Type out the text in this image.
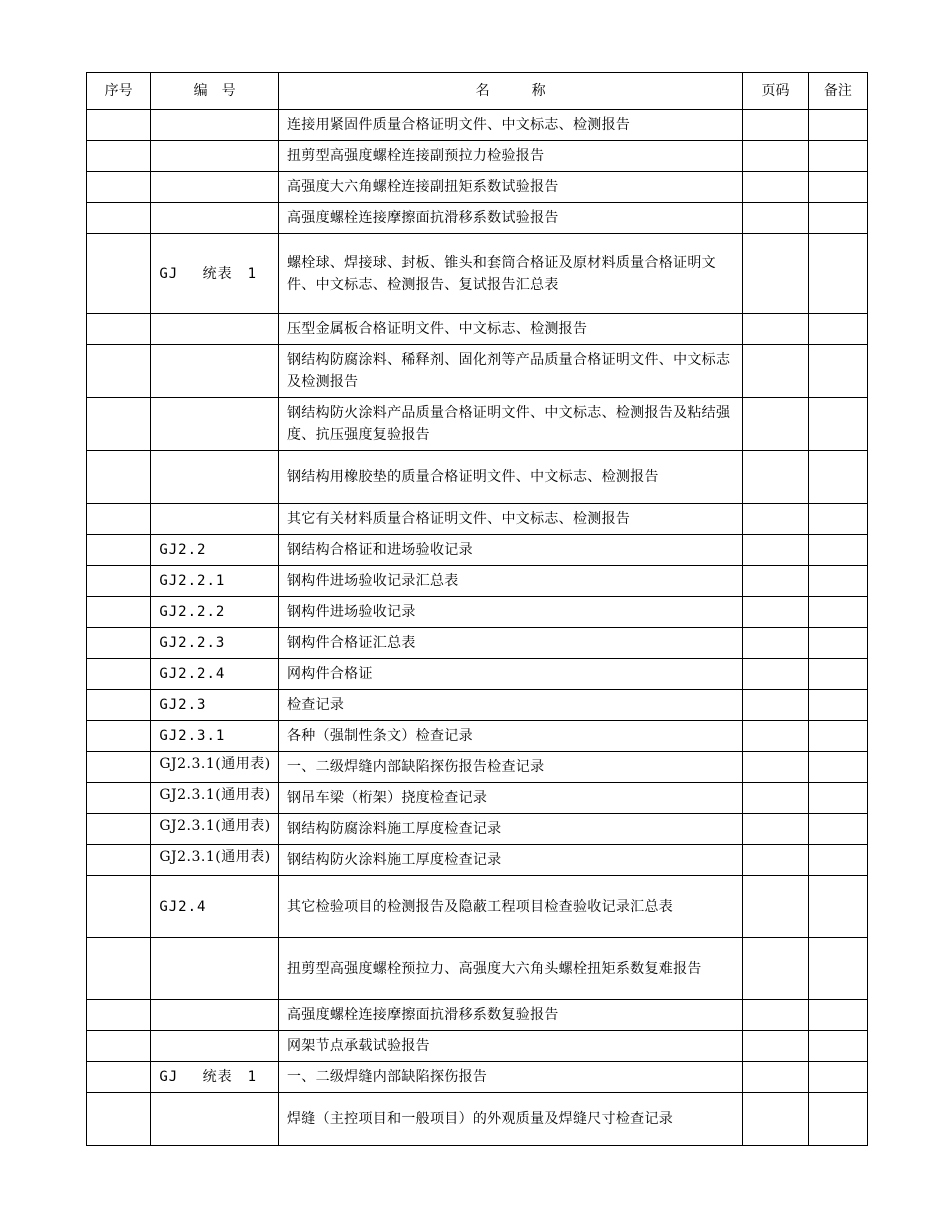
序号	编　号	名　　　称	页码	备注
		连接用紧固件质量合格证明文件、中文标志、检测报告		
		扭剪型高强度螺栓连接副预拉力检验报告		
		高强度大六角螺栓连接副扭矩系数试验报告		
		高强度螺栓连接摩擦面抗滑移系数试验报告		
	GJ　 统表　1	螺栓球、焊接球、封板、锥头和套筒合格证及原材料质量合格证明文件、中文标志、检测报告、复试报告汇总表		
		压型金属板合格证明文件、中文标志、检测报告		
		钢结构防腐涂料、稀释剂、固化剂等产品质量合格证明文件、中文标志及检测报告		
		钢结构防火涂料产品质量合格证明文件、中文标志、检测报告及粘结强度、抗压强度复验报告		
		钢结构用橡胶垫的质量合格证明文件、中文标志、检测报告		
		其它有关材料质量合格证明文件、中文标志、检测报告		
	GJ2.2	钢结构合格证和进场验收记录		
	GJ2.2.1	钢构件进场验收记录汇总表		
	GJ2.2.2	钢构件进场验收记录		
	GJ2.2.3	钢构件合格证汇总表		
	GJ2.2.4	网构件合格证		
	GJ2.3	检查记录		
	GJ2.3.1	各种（强制性条文）检查记录		

	GJ2.3.1(通用表)	一、二级焊缝内部缺陷探伤报告检查记录		

	GJ2.3.1(通用表)	钢吊车梁（桁架）挠度检查记录		

	GJ2.3.1(通用表)	钢结构防腐涂料施工厚度检查记录		

	GJ2.3.1(通用表)	钢结构防火涂料施工厚度检查记录		
	GJ2.4	其它检验项目的检测报告及隐蔽工程项目检查验收记录汇总表		
		扭剪型高强度螺栓预拉力、高强度大六角头螺栓扭矩系数复难报告		
		高强度螺栓连接摩擦面抗滑移系数复验报告		
		网架节点承载试验报告		
	GJ　 统表　1	一、二级焊缝内部缺陷探伤报告		
		焊缝（主控项目和一般项目）的外观质量及焊缝尺寸检查记录		
